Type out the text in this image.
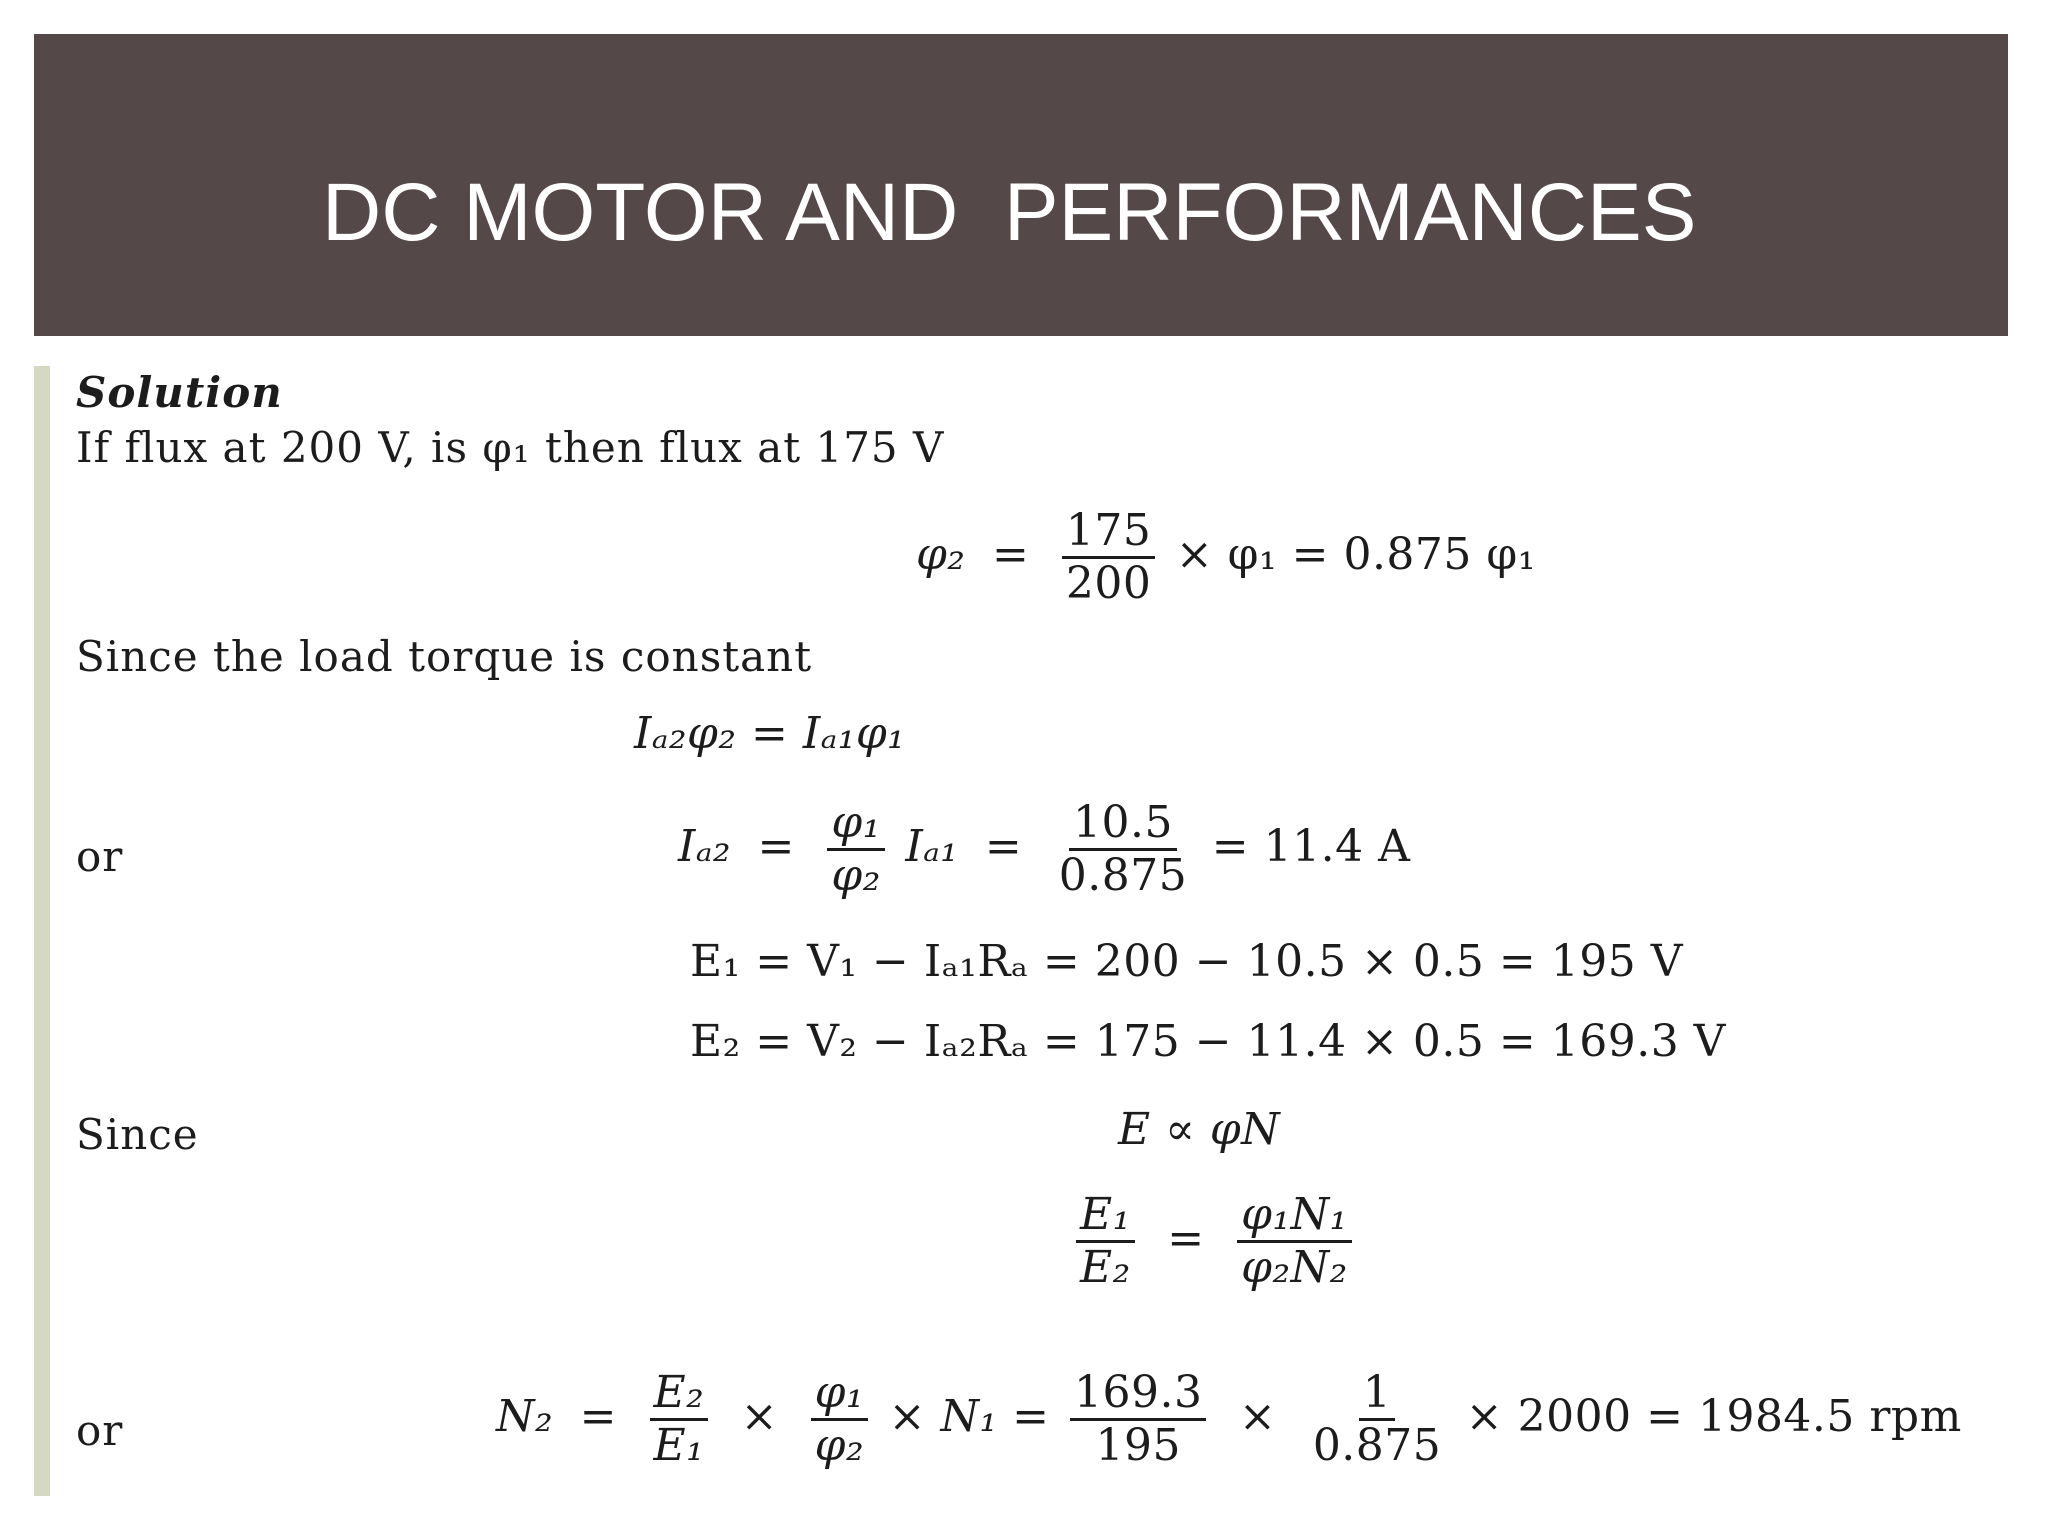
DC MOTOR AND  PERFORMANCES
Solution
If flux at 200 V, is φ₁ then flux at 175 V
$\varphi_2 = \frac{175}{200} \times \varphi_1 = 0.875$ φ₁
Since the load torque is constant
Iₐ₂φ₂ = Iₐ₁φ₁
or	$I_{a2} = \frac{\text{φ₁}}{\text{φ₂}} I_{a1} = \frac{10.5}{0.875} = 11.4$ A
E₁ = V₁ − Iₐ₁Rₐ = 200 − 10.5 × 0.5 = 195 V
E₂ = V₂ − Iₐ₂Rₐ = 175 − 11.4 × 0.5 = 169.3 V
Since	E ∝ φN
$\frac{\text{E₁}}{\text{E₂}} = \frac{\text{φ₁N₁}}{\text{φ₂N₂}}$
or	$N_2 = \frac{\text{E₂}}{\text{E₁}} \times \frac{\text{φ₁}}{\text{φ₂}} \times N_1 = \frac{169.3}{195} \times \frac{1}{0.875} \times 2000 = 1984.5$ rpm
